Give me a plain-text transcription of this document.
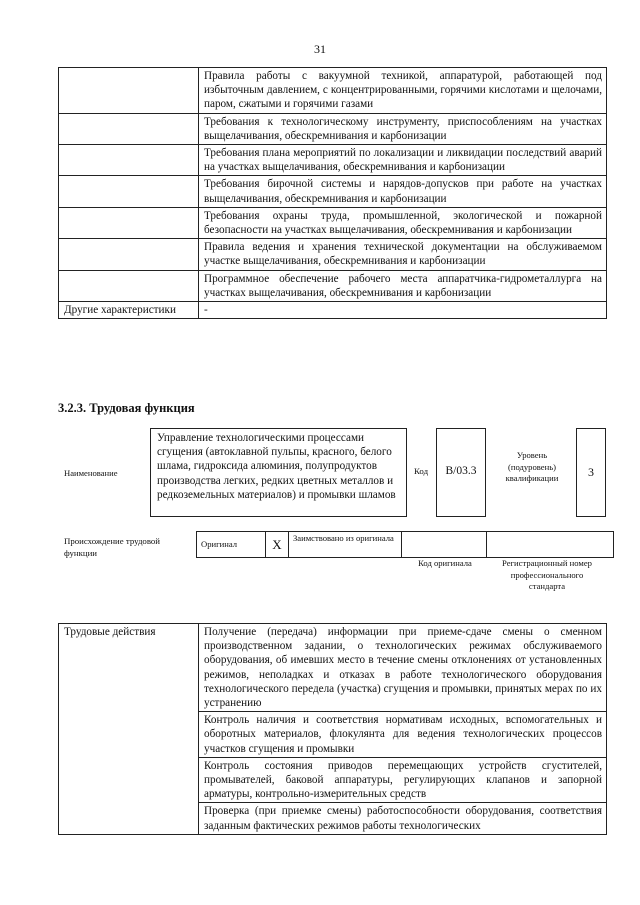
31
	Правила работы с вакуумной техникой, аппаратурой, работающей под избыточным давлением, с концентрированными, горячими кислотами и щелочами, паром, сжатыми и горячими газами
	Требования к технологическому инструменту, приспособлениям на участках выщелачивания, обескремнивания и карбонизации
	Требования плана мероприятий по локализации и ликвидации последствий аварий на участках выщелачивания, обескремнивания и карбонизации
	Требования бирочной системы и нарядов-допусков при работе на участках выщелачивания, обескремнивания и карбонизации
	Требования охраны труда, промышленной, экологической и пожарной безопасности на участках выщелачивания, обескремнивания и карбонизации
	Правила ведения и хранения технической документации на обслуживаемом участке выщелачивания, обескремнивания и карбонизации
	Программное обеспечение рабочего места аппаратчика-гидрометаллурга на участках выщелачивания, обескремнивания и карбонизации
Другие характеристики	-
3.2.3. Трудовая функция
Наименование
Управление технологическими процессами сгущения (автоклавной пульпы, красного, белого шлама, гидроксида алюминия, полупродуктов производства легких, редких цветных металлов и редкоземельных материалов) и промывки шламов
Код	B/03.3
Уровень (подуровень) квалификации	3
Происхождение трудовой функции
Оригинал	X	Заимствовано из оригинала		
Код оригинала	Регистрационный номер профессионального стандарта
Трудовые действия	Получение (передача) информации при приеме-сдаче смены о сменном производственном задании, о технологических режимах обслуживаемого оборудования, об имевших место в течение смены отклонениях от установленных режимов, неполадках и отказах в работе технологического оборудования технологического передела (участка) сгущения и промывки, принятых мерах по их устранению
Контроль наличия и соответствия нормативам исходных, вспомогательных и оборотных материалов, флокулянта для ведения технологических процессов участков сгущения и промывки
Контроль состояния приводов перемещающих устройств сгустителей, промывателей, баковой аппаратуры, регулирующих клапанов и запорной арматуры, контрольно-измерительных средств
Проверка (при приемке смены) работоспособности оборудования, соответствия заданным фактических режимов работы технологических
